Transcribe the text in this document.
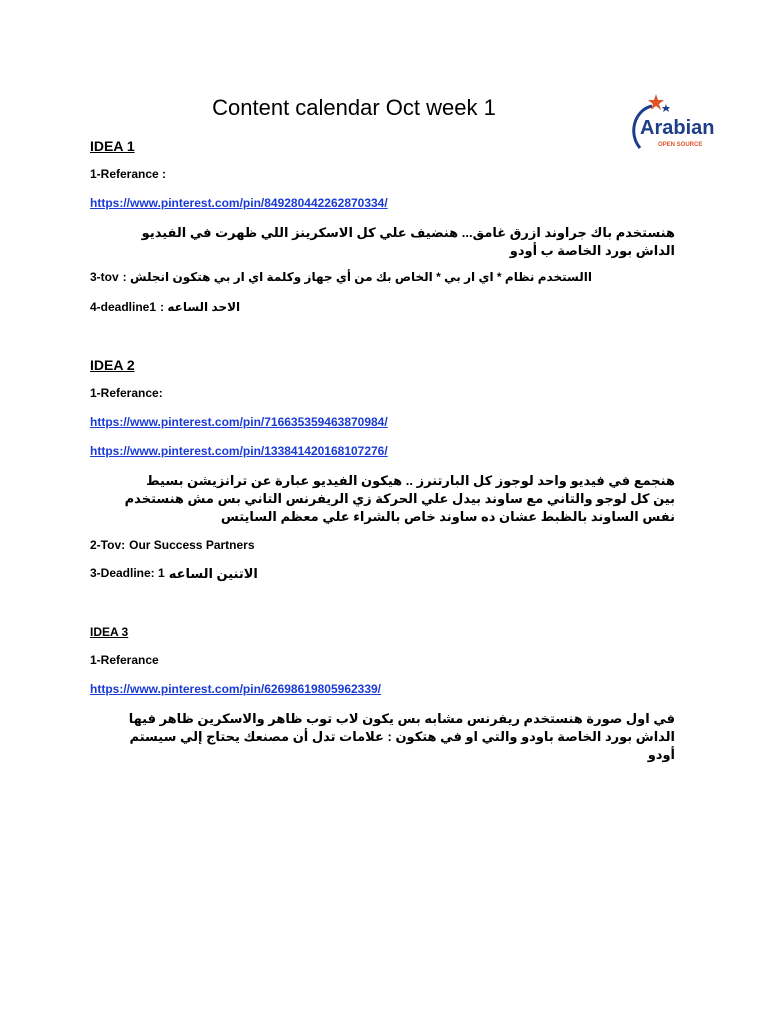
Content calendar Oct week 1
Arabian
OPEN SOURCE
IDEA 1
1-Referance :
https://www.pinterest.com/pin/849280442262870334/
هنستخدم باك جراوند ازرق غامق... هنضيف علي كل الاسكرينز اللي ظهرت في الفيديو
الداش بورد الخاصة ب أودو
3-tov االستخدم نظام * اي ار بي * الخاص بك من أي جهاز وكلمة اي ار بي هتكون انجلش :
4-deadline1 الاحد الساعه :
IDEA 2
1-Referance:
https://www.pinterest.com/pin/716635359463870984/
https://www.pinterest.com/pin/133841420168107276/
هنجمع في فيديو واحد لوجوز كل البارتنرز .. هيكون الفيديو عبارة عن ترانزيشن بسيط
بين كل لوجو والتاني مع ساوند بيدل علي الحركة زي الريفرنس التاني بس مش هنستخدم
نفس الساوند بالظبط عشان ده ساوند خاص بالشراء علي معظم السايتس
2-Tov: Our Success Partners
3-Deadline: 1 الاتنين الساعه
IDEA 3
1-Referance
https://www.pinterest.com/pin/626986198059623​39/
في اول صورة هنستخدم ريفرنس مشابه بس يكون لاب توب ظاهر والاسكرين ظاهر فيها
الداش بورد الخاصة باودو والتي او في هتكون : علامات تدل أن مصنعك يحتاج إلي سيستم
أودو
